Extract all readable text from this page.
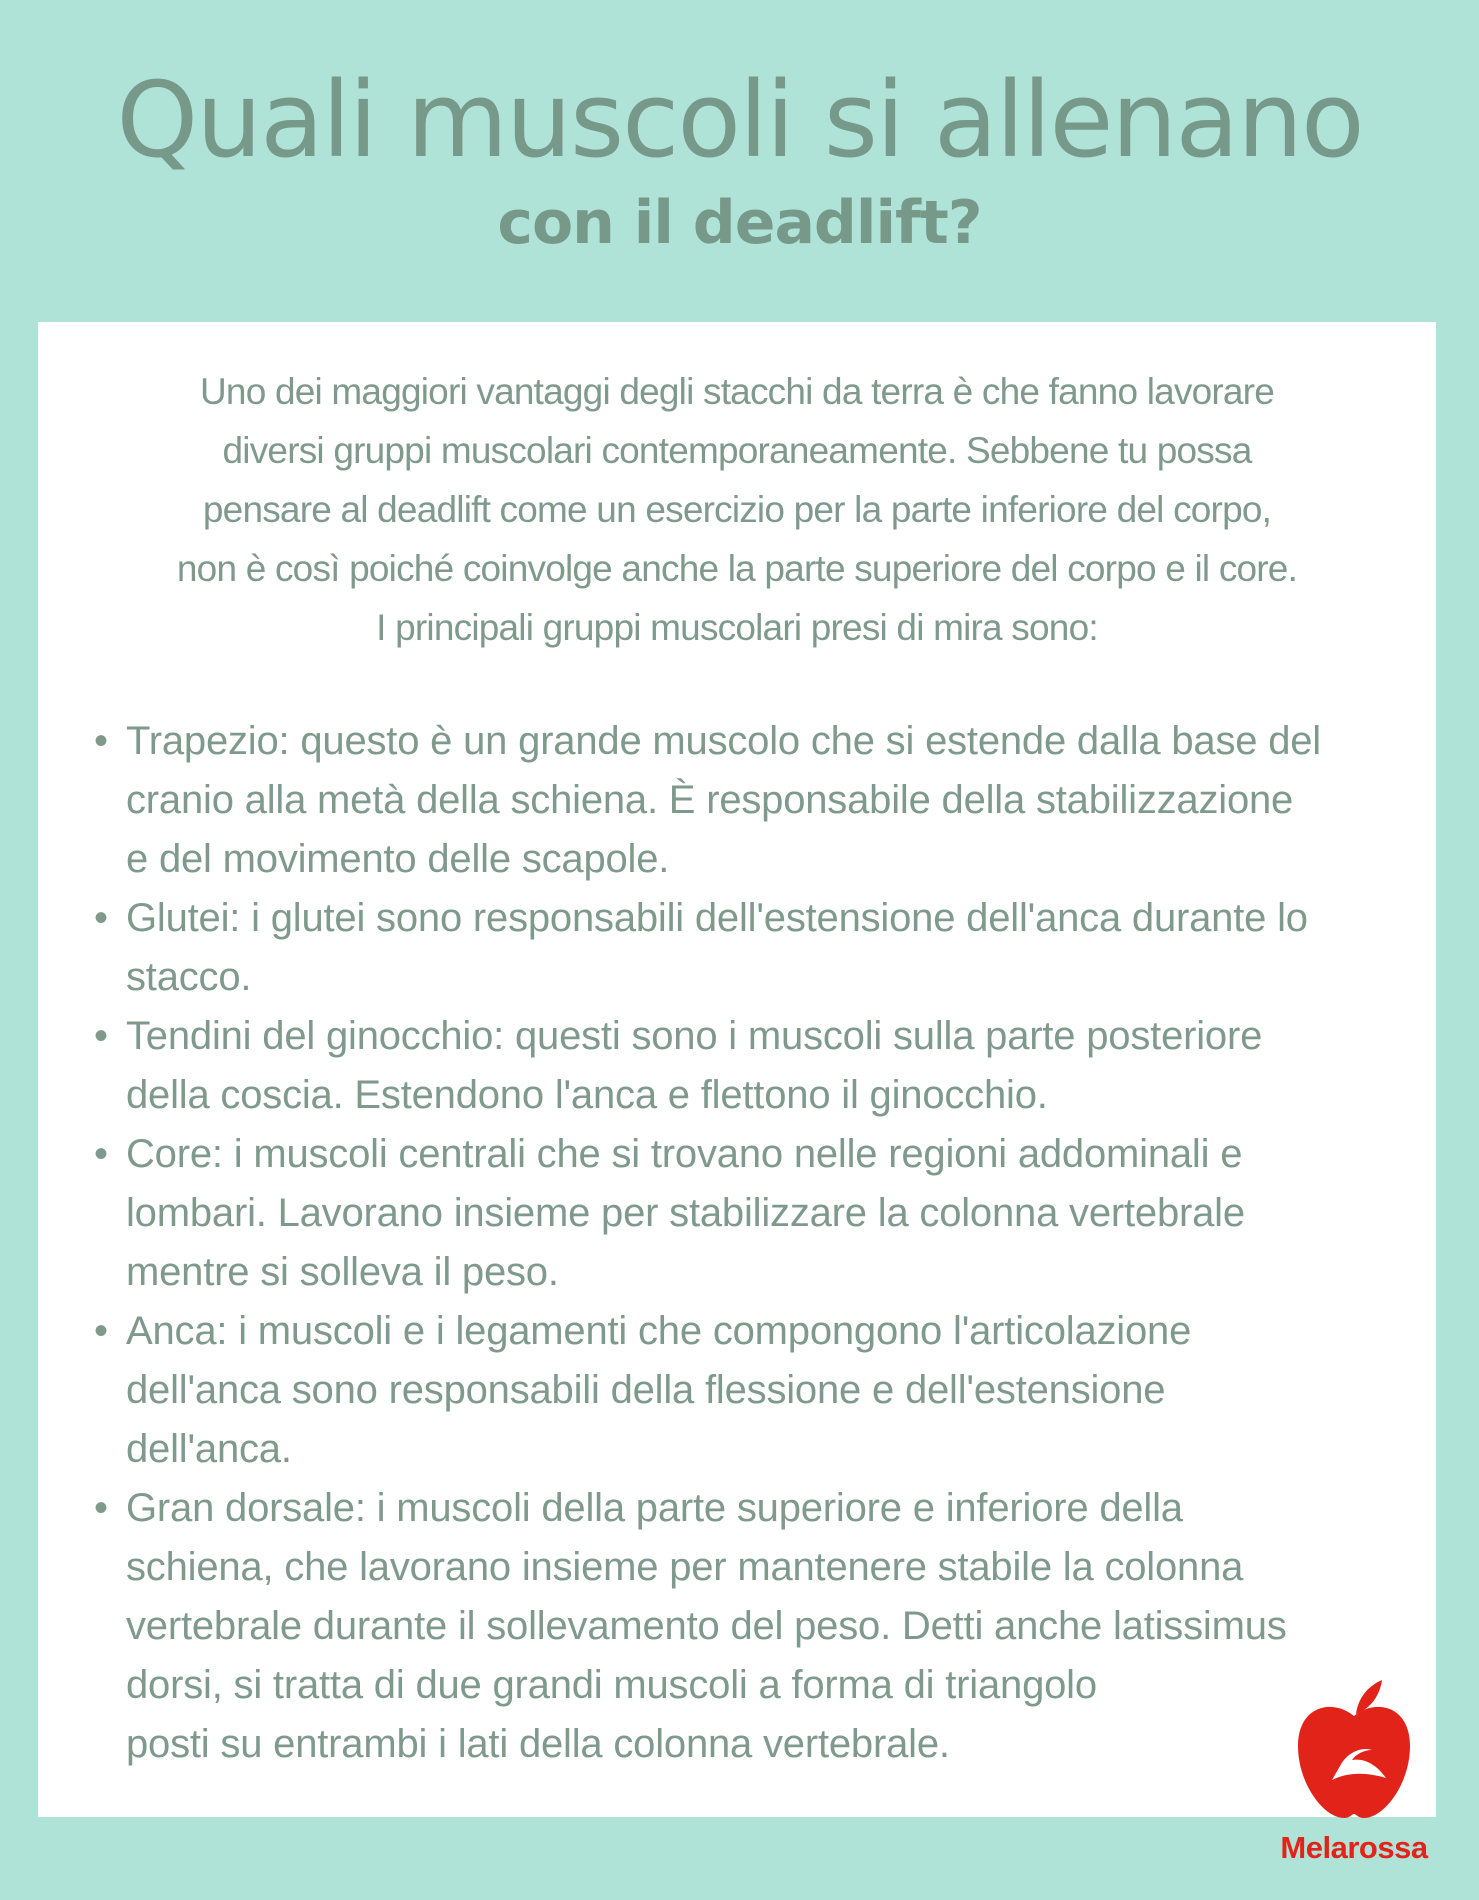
Quali muscoli si allenano
con il deadlift?

Uno dei maggiori vantaggi degli stacchi da terra è che fanno lavorare
diversi gruppi muscolari contemporaneamente. Sebbene tu possa
pensare al deadlift come un esercizio per la parte inferiore del corpo,
non è così poiché coinvolge anche la parte superiore del corpo e il core.
I principali gruppi muscolari presi di mira sono:

• Trapezio: questo è un grande muscolo che si estende dalla base del
cranio alla metà della schiena. È responsabile della stabilizzazione
e del movimento delle scapole.
• Glutei: i glutei sono responsabili dell'estensione dell'anca durante lo
stacco.
• Tendini del ginocchio: questi sono i muscoli sulla parte posteriore
della coscia. Estendono l'anca e flettono il ginocchio.
• Core: i muscoli centrali che si trovano nelle regioni addominali e
lombari. Lavorano insieme per stabilizzare la colonna vertebrale
mentre si solleva il peso.
• Anca: i muscoli e i legamenti che compongono l'articolazione
dell'anca sono responsabili della flessione e dell'estensione
dell'anca.
• Gran dorsale: i muscoli della parte superiore e inferiore della
schiena, che lavorano insieme per mantenere stabile la colonna
vertebrale durante il sollevamento del peso. Detti anche latissimus
dorsi, si tratta di due grandi muscoli a forma di triangolo
posti su entrambi i lati della colonna vertebrale.
Melarossa
